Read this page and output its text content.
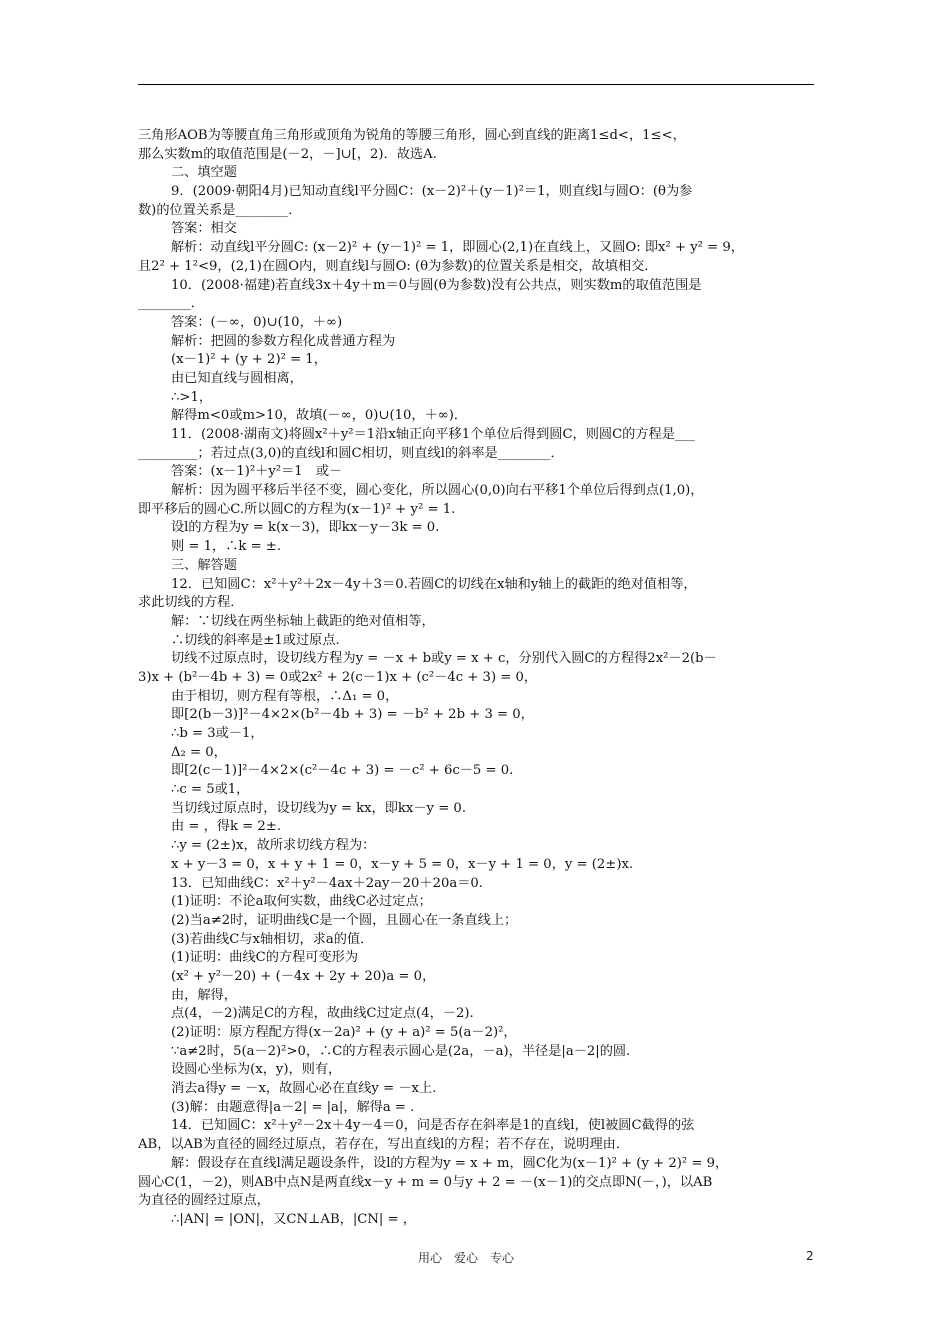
三角形AOB为等腰直角三角形或顶角为锐角的等腰三角形，圆心到直线的距离1≤d<，1≤<，
那么实数m的取值范围是(－2，－]∪[，2)．故选A.
二、填空题
9．(2009·朝阳4月)已知动直线l平分圆C：(x－2)²＋(y－1)²＝1，则直线l与圆O：(θ为参
数)的位置关系是________．
答案：相交
解析：动直线l平分圆C: (x－2)² + (y－1)² = 1，即圆心(2,1)在直线上，又圆O: 即x² + y² = 9，
且2² + 1²<9，(2,1)在圆O内，则直线l与圆O: (θ为参数)的位置关系是相交，故填相交．
10．(2008·福建)若直线3x＋4y＋m＝0与圆(θ为参数)没有公共点，则实数m的取值范围是
________．
答案：(－∞，0)∪(10，＋∞)
解析：把圆的参数方程化成普通方程为
(x－1)² + (y + 2)² = 1，
由已知直线与圆相离，
∴>1，
解得m<0或m>10，故填(－∞，0)∪(10，＋∞)．
11．(2008·湖南文)将圆x²＋y²＝1沿x轴正向平移1个单位后得到圆C，则圆C的方程是___
_________；若过点(3,0)的直线l和圆C相切，则直线l的斜率是________．
答案：(x－1)²＋y²＝1　或－
解析：因为圆平移后半径不变，圆心变化，所以圆心(0,0)向右平移1个单位后得到点(1,0)，
即平移后的圆心C.所以圆C的方程为(x－1)² + y² = 1.
设l的方程为y = k(x－3)，即kx－y－3k = 0.
则 = 1，∴k = ±.
三、解答题
12．已知圆C：x²＋y²＋2x－4y＋3＝0.若圆C的切线在x轴和y轴上的截距的绝对值相等，
求此切线的方程．
解：∵切线在两坐标轴上截距的绝对值相等，
∴切线的斜率是±1或过原点.
切线不过原点时，设切线方程为y = －x + b或y = x + c，分别代入圆C的方程得2x²－2(b－
3)x + (b²－4b + 3) = 0或2x² + 2(c－1)x + (c²－4c + 3) = 0，
由于相切，则方程有等根，∴Δ₁ = 0，
即[2(b－3)]²－4×2×(b²－4b + 3) = －b² + 2b + 3 = 0，
∴b = 3或－1，
Δ₂ = 0，
即[2(c－1)]²－4×2×(c²－4c + 3) = －c² + 6c－5 = 0.
∴c = 5或1，
当切线过原点时，设切线为y = kx，即kx－y = 0.
由 = ，得k = 2±.
∴y = (2±)x，故所求切线方程为：
x + y－3 = 0，x + y + 1 = 0，x－y + 5 = 0，x－y + 1 = 0，y = (2±)x.
13．已知曲线C：x²＋y²－4ax＋2ay－20＋20a＝0.
(1)证明：不论a取何实数，曲线C必过定点；
(2)当a≠2时，证明曲线C是一个圆，且圆心在一条直线上；
(3)若曲线C与x轴相切，求a的值．
(1)证明：曲线C的方程可变形为
(x² + y²－20) + (－4x + 2y + 20)a = 0，
由，解得，
点(4，－2)满足C的方程，故曲线C过定点(4，－2).
(2)证明：原方程配方得(x－2a)² + (y + a)² = 5(a－2)²，
∵a≠2时，5(a－2)²>0，∴C的方程表示圆心是(2a，－a)，半径是|a－2|的圆.
设圆心坐标为(x，y)，则有，
消去a得y = －x，故圆心必在直线y = －x上.
(3)解：由题意得|a－2| = |a|，解得a = .
14．已知圆C：x²＋y²－2x＋4y－4＝0，问是否存在斜率是1的直线l，使l被圆C截得的弦
AB，以AB为直径的圆经过原点，若存在，写出直线l的方程；若不存在，说明理由．
解：假设存在直线l满足题设条件，设l的方程为y = x + m，圆C化为(x－1)² + (y + 2)² = 9，
圆心C(1，－2)，则AB中点N是两直线x－y + m = 0与y + 2 = －(x－1)的交点即N(－，)，以AB
为直径的圆经过原点，
∴|AN| = |ON|，又CN⊥AB，|CN| = ，
用心　爱心　专心	2
